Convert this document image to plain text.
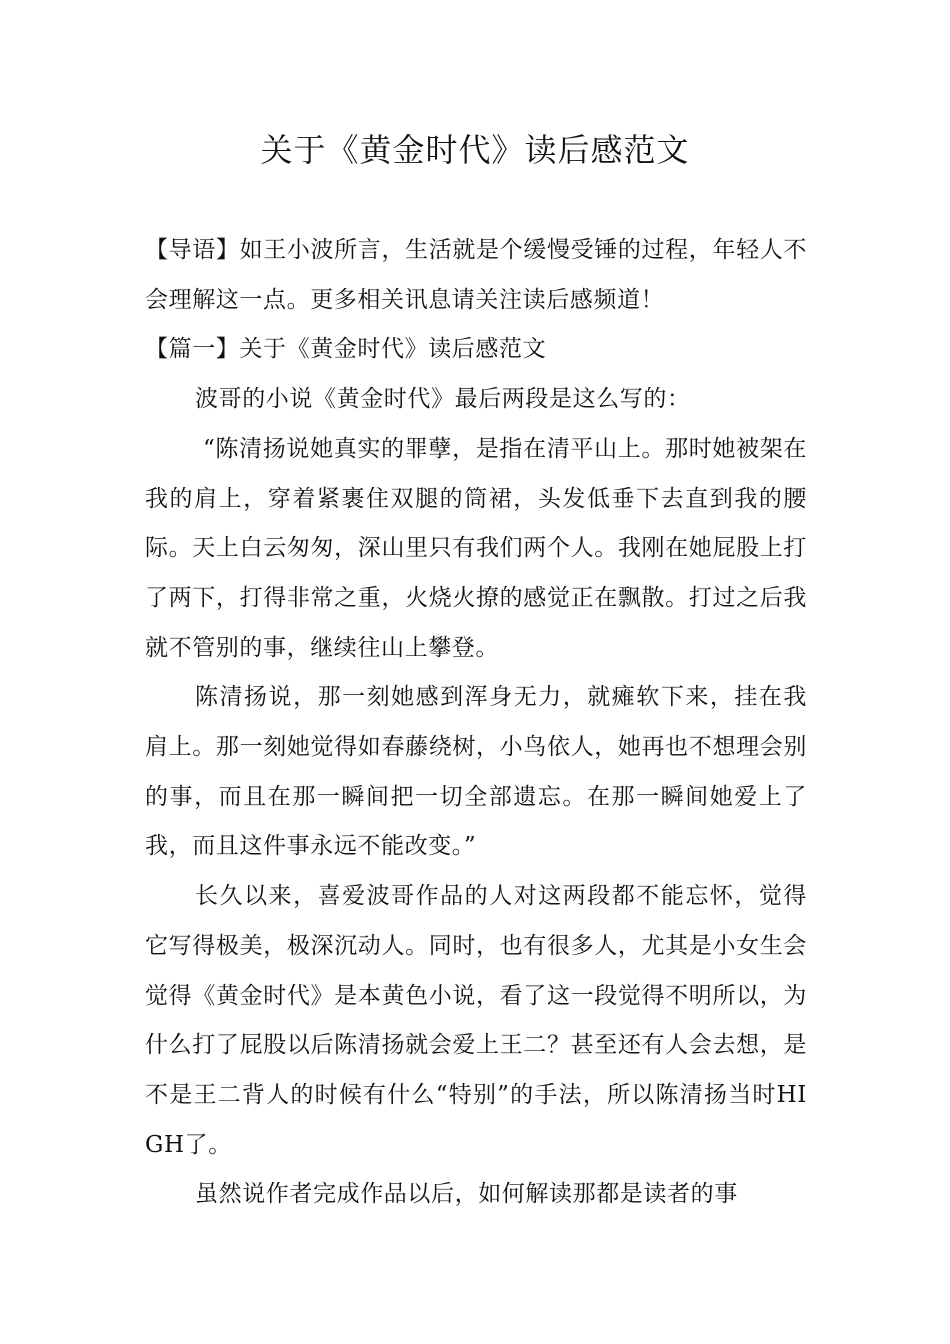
关于《黄金时代》读后感范文

【导语】如王小波所言，生活就是个缓慢受锤的过程，年轻人不会理解这一点。更多相关讯息请关注读后感频道！

【篇一】关于《黄金时代》读后感范文

波哥的小说《黄金时代》最后两段是这么写的：

“陈清扬说她真实的罪孽，是指在清平山上。那时她被架在我的肩上，穿着紧裹住双腿的筒裙，头发低垂下去直到我的腰际。天上白云匆匆，深山里只有我们两个人。我刚在她屁股上打了两下，打得非常之重，火烧火撩的感觉正在飘散。打过之后我就不管别的事，继续往山上攀登。

陈清扬说，那一刻她感到浑身无力，就瘫软下来，挂在我肩上。那一刻她觉得如春藤绕树，小鸟依人，她再也不想理会别的事，而且在那一瞬间把一切全部遗忘。在那一瞬间她爱上了我，而且这件事永远不能改变。”

长久以来，喜爱波哥作品的人对这两段都不能忘怀，觉得它写得极美，极深沉动人。同时，也有很多人，尤其是小女生会觉得《黄金时代》是本黄色小说，看了这一段觉得不明所以，为什么打了屁股以后陈清扬就会爱上王二？甚至还有人会去想，是不是王二背人的时候有什么“特别”的手法，所以陈清扬当时HIGH了。

虽然说作者完成作品以后，如何解读那都是读者的事
